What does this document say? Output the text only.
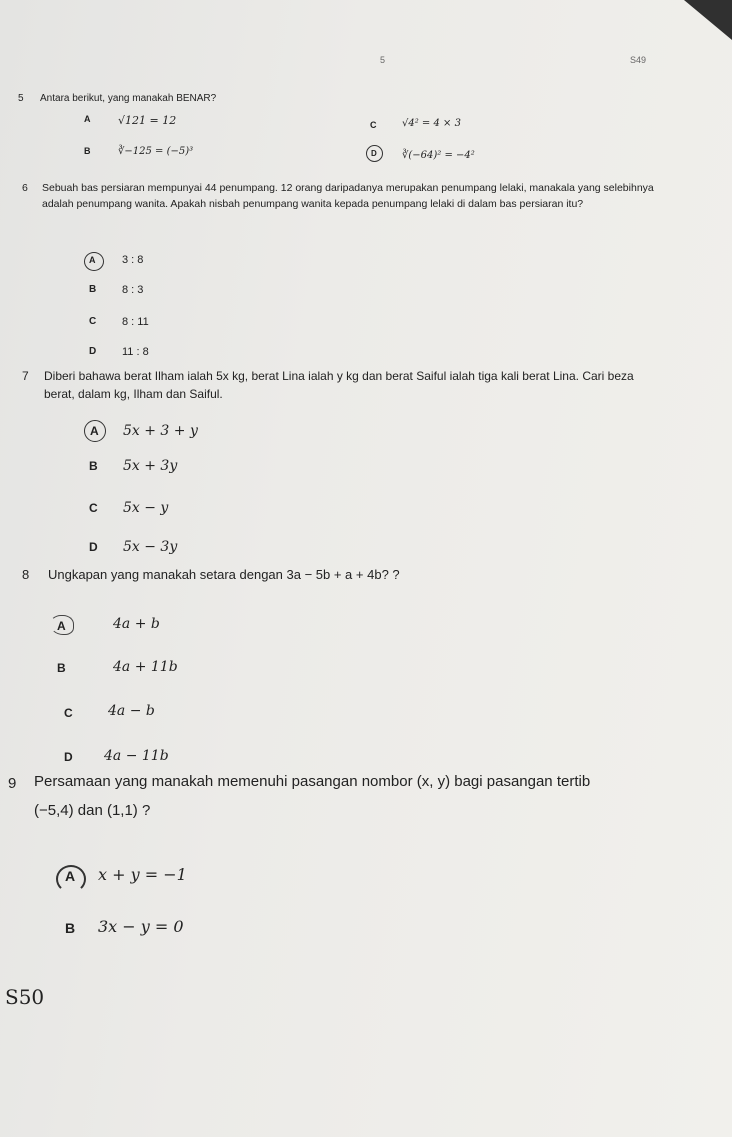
5	S49
5	Antara berikut, yang manakah BENAR?
A	√121 = 12
B	∛−125 = (−5)³
C	√4² = 4 × 3
D	∛(−64)² = −4²
6	Sebuah bas persiaran mempunyai 44 penumpang. 12 orang daripadanya merupakan penumpang lelaki, manakala yang selebihnya adalah penumpang wanita. Apakah nisbah penumpang wanita kepada penumpang lelaki di dalam bas persiaran itu?
A 3 : 8
B 8 : 3
C 8 : 11
D 11 : 8
7	Diberi bahawa berat Ilham ialah 5x kg, berat Lina ialah y kg dan berat Saiful ialah tiga kali berat Lina. Cari beza berat, dalam kg, Ilham dan Saiful.
A 5x + 3 + y
B 5x + 3y
C 5x − y
D 5x − 3y
8	Ungkapan yang manakah setara dengan 3a − 5b + a + 4b? ?
A	4a + b
B	4a + 11b
C	4a − b
D 4a − 11b
9	Persamaan yang manakah memenuhi pasangan nombor (x, y) bagi pasangan tertib
(−5,4) dan (1,1) ?
A x + y = −1
B 3x − y = 0
S50
